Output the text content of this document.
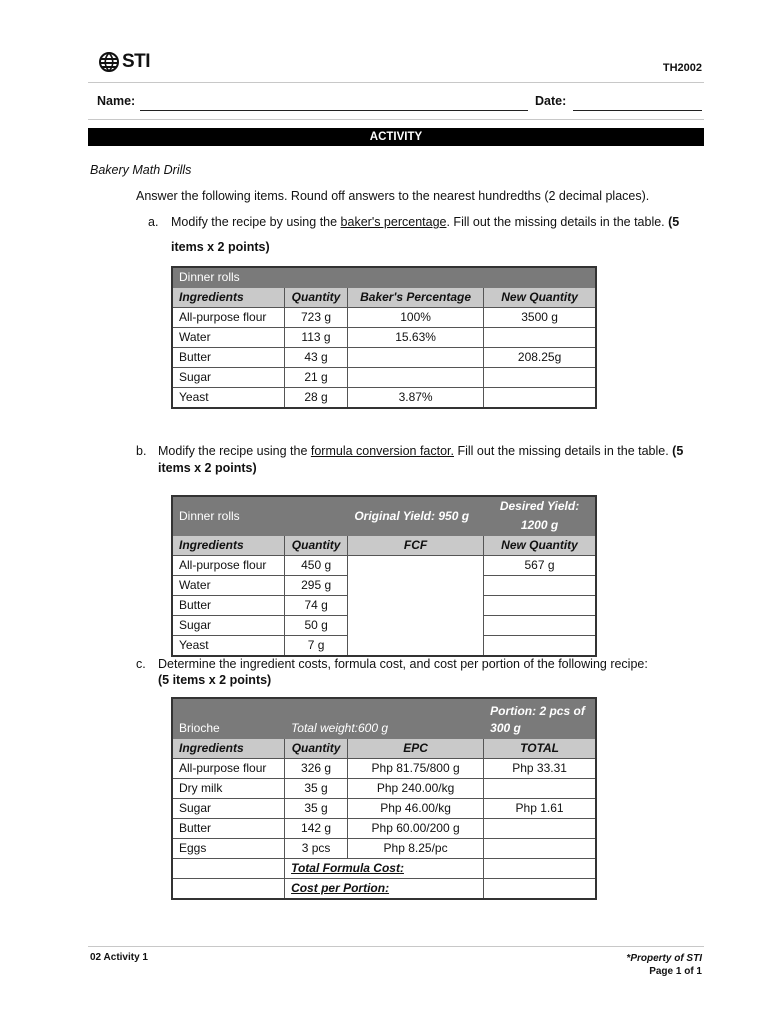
STI	TH2002
Name:	Date:
ACTIVITY
Bakery Math Drills
Answer the following items. Round off answers to the nearest hundredths (2 decimal places).
a. Modify the recipe by using the baker's percentage. Fill out the missing details in the table. (5
items x 2 points)
Dinner rolls			
Ingredients	Quantity	Baker's Percentage	New Quantity
All-purpose flour	723 g	100%	3500 g
Water	113 g	15.63%	
Butter	43 g		208.25g
Sugar	21 g		
Yeast	28 g	3.87%	
b. Modify the recipe using the formula conversion factor. Fill out the missing details in the table. (5
items x 2 points)
Dinner rolls	Original Yield: 950 g		Desired Yield: 1200 g
Ingredients	Quantity	FCF	New Quantity
All-purpose flour	450 g		567 g
Water	295 g		
Butter	74 g		
Sugar	50 g		
Yeast	7 g		
c. Determine the ingredient costs, formula cost, and cost per portion of the following recipe:
(5 items x 2 points)
Brioche	Total weight:600 g		Portion: 2 pcs of 300 g
Ingredients	Quantity	EPC	TOTAL
All-purpose flour	326 g	Php 81.75/800 g	Php 33.31
Dry milk	35 g	Php 240.00/kg	
Sugar	35 g	Php 46.00/kg	Php 1.61
Butter	142 g	Php 60.00/200 g	
Eggs	3 pcs	Php 8.25/pc	
	Total Formula Cost:		
	Cost per Portion:		
02 Activity 1	*Property of STI
Page 1 of 1
